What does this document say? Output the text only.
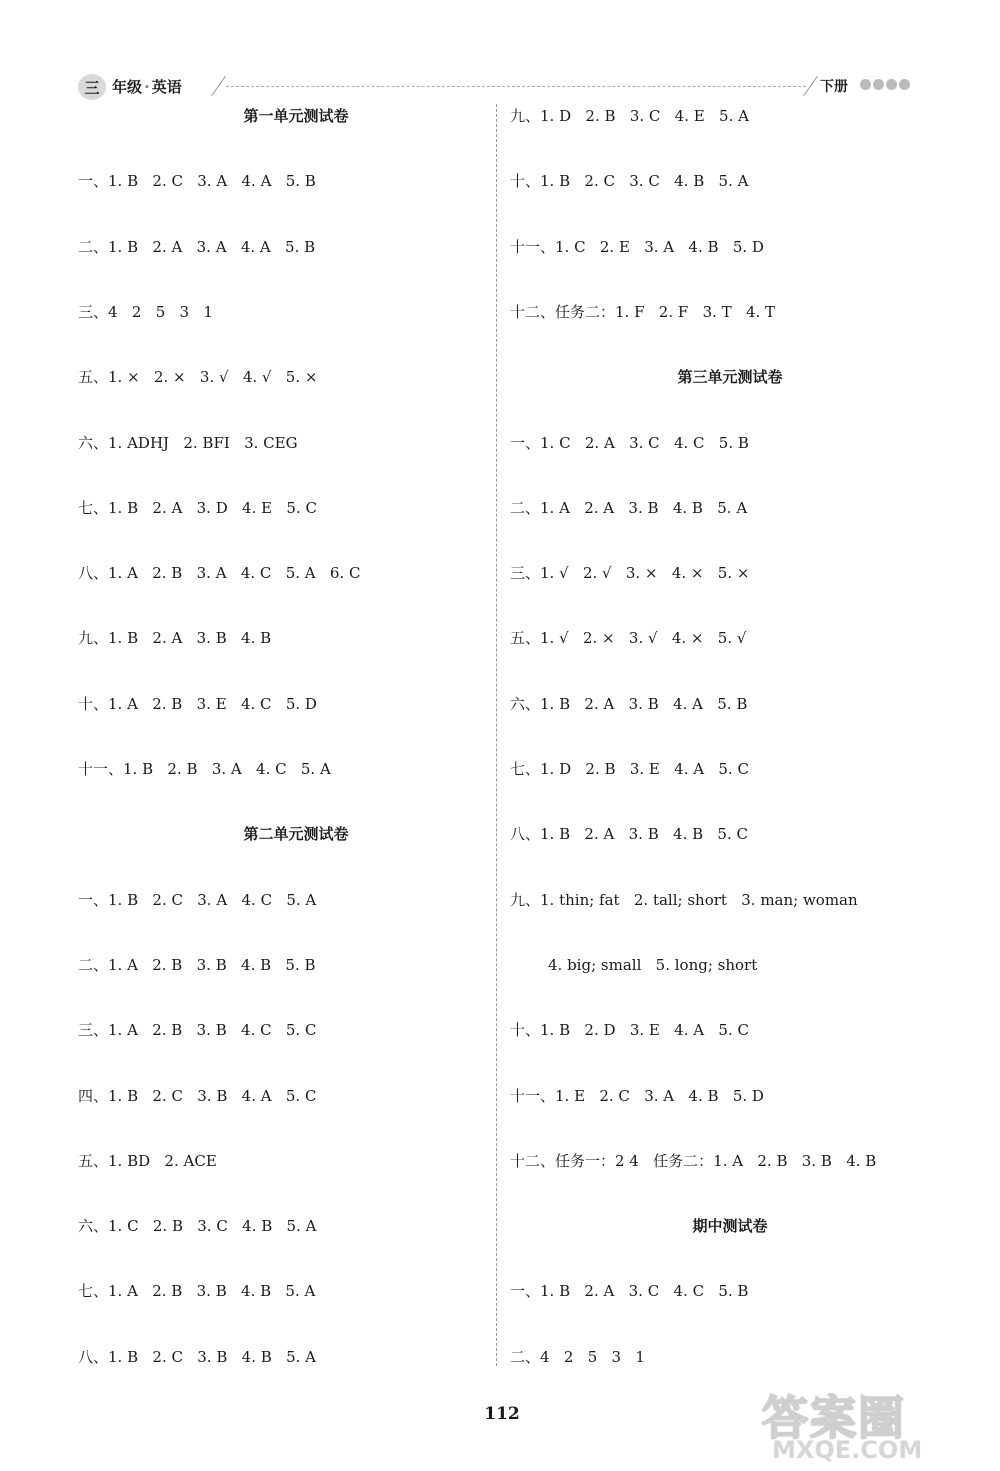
三 年级 · 英语	下册
第一单元测试卷
一、1. B   2. C   3. A   4. A   5. B
二、1. B   2. A   3. A   4. A   5. B
三、4   2   5   3   1
五、1. ×   2. ×   3. √   4. √   5. ×
六、1. ADHJ   2. BFI   3. CEG
七、1. B   2. A   3. D   4. E   5. C
八、1. A   2. B   3. A   4. C   5. A   6. C
九、1. B   2. A   3. B   4. B
十、1. A   2. B   3. E   4. C   5. D
十一、1. B   2. B   3. A   4. C   5. A
第二单元测试卷
一、1. B   2. C   3. A   4. C   5. A
二、1. A   2. B   3. B   4. B   5. B
三、1. A   2. B   3. B   4. C   5. C
四、1. B   2. C   3. B   4. A   5. C
五、1. BD   2. ACE
六、1. C   2. B   3. C   4. B   5. A
七、1. A   2. B   3. B   4. B   5. A
八、1. B   2. C   3. B   4. B   5. A
九、1. D   2. B   3. C   4. E   5. A
十、1. B   2. C   3. C   4. B   5. A
十一、1. C   2. E   3. A   4. B   5. D
十二、任务二：1. F   2. F   3. T   4. T
第三单元测试卷
一、1. C   2. A   3. C   4. C   5. B
二、1. A   2. A   3. B   4. B   5. A
三、1. √   2. √   3. ×   4. ×   5. ×
五、1. √   2. ×   3. √   4. ×   5. √
六、1. B   2. A   3. B   4. A   5. B
七、1. D   2. B   3. E   4. A   5. C
八、1. B   2. A   3. B   4. B   5. C
九、1. thin; fat   2. tall; short   3. man; woman
4. big; small   5. long; short
十、1. B   2. D   3. E   4. A   5. C
十一、1. E   2. C   3. A   4. B   5. D
十二、任务一：2 4   任务二：1. A   2. B   3. B   4. B
期中测试卷
一、1. B   2. A   3. C   4. C   5. B
二、4   2   5   3   1
112	答案圈
MXQE.COM
